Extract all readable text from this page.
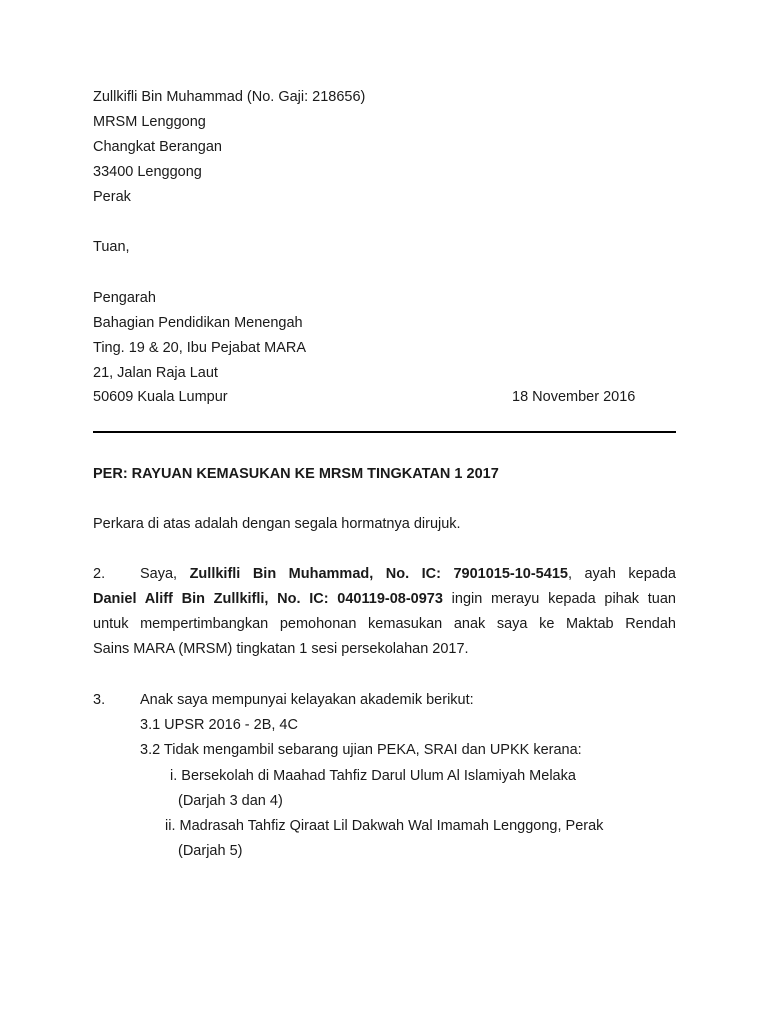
Zullkifli Bin Muhammad (No. Gaji: 218656)
MRSM Lenggong
Changkat Berangan
33400 Lenggong
Perak
Tuan,
Pengarah
Bahagian Pendidikan Menengah
Ting. 19 & 20, Ibu Pejabat MARA
21, Jalan Raja Laut
50609 Kuala Lumpur	18 November 2016
PER: RAYUAN KEMASUKAN KE MRSM TINGKATAN 1 2017
Perkara di atas adalah dengan segala hormatnya dirujuk.
2. Saya, Zullkifli Bin Muhammad, No. IC: 7901015-10-5415, ayah kepada
Daniel Aliff Bin Zullkifli, No. IC: 040119-08-0973 ingin merayu kepada pihak tuan
untuk mempertimbangkan pemohonan kemasukan anak saya ke Maktab Rendah
Sains MARA (MRSM) tingkatan 1 sesi persekolahan 2017.
3. Anak saya mempunyai kelayakan akademik berikut:
3.1 UPSR 2016 - 2B, 4C
3.2 Tidak mengambil sebarang ujian PEKA, SRAI dan UPKK kerana:
i. Bersekolah di Maahad Tahfiz Darul Ulum Al Islamiyah Melaka
(Darjah 3 dan 4)
ii. Madrasah Tahfiz Qiraat Lil Dakwah Wal Imamah Lenggong, Perak
(Darjah 5)
